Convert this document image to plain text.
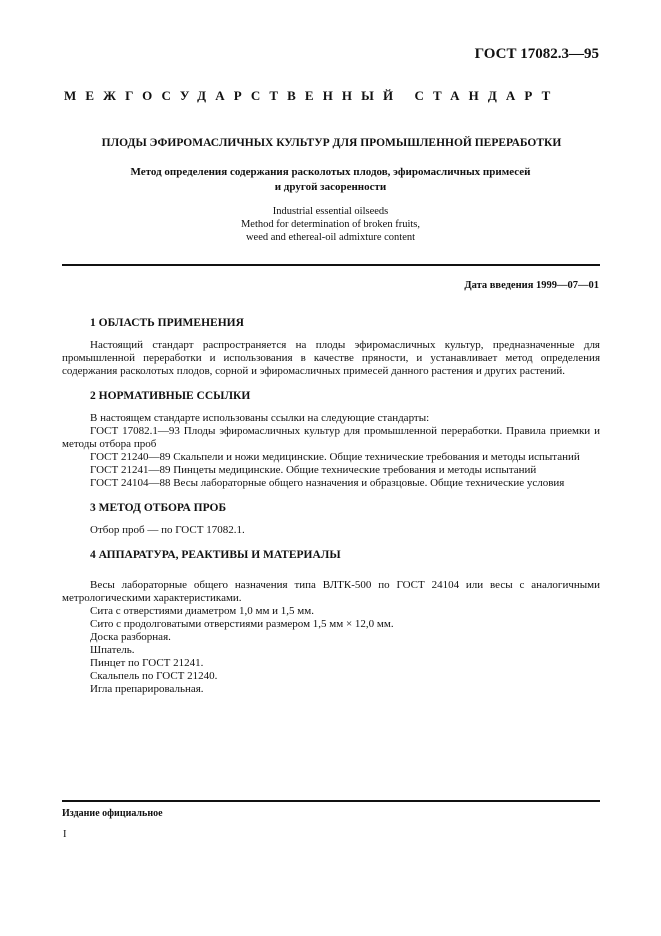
ГОСТ 17082.3—95
МЕЖГОСУДАРСТВЕННЫЙ СТАНДАРТ
ПЛОДЫ ЭФИРОМАСЛИЧНЫХ КУЛЬТУР ДЛЯ ПРОМЫШЛЕННОЙ ПЕРЕРАБОТКИ
Метод определения содержания расколотых плодов, эфиромасличных примесей
и другой засоренности
Industrial essential oilseeds
Method for determination of broken fruits,
weed and ethereal-oil admixture content
Дата введения 1999—07—01
1 ОБЛАСТЬ ПРИМЕНЕНИЯ

Настоящий стандарт распространяется на плоды эфиромасличных культур, предназначенные для промышленной переработки и использования в качестве пряности, и устанавливает метод определения содержания расколотых плодов, сорной и эфиромасличных примесей данного растения и других растений.

2 НОРМАТИВНЫЕ ССЫЛКИ

В настоящем стандарте использованы ссылки на следующие стандарты:

ГОСТ 17082.1—93 Плоды эфиромасличных культур для промышленной переработки. Правила приемки и методы отбора проб

ГОСТ 21240—89 Скальпели и ножи медицинские. Общие технические требования и методы испытаний

ГОСТ 21241—89 Пинцеты медицинские. Общие технические требования и методы испытаний

ГОСТ 24104—88 Весы лабораторные общего назначения и образцовые. Общие технические условия

3 МЕТОД ОТБОРА ПРОБ

Отбор проб — по ГОСТ 17082.1.

4 АППАРАТУРА, РЕАКТИВЫ И МАТЕРИАЛЫ

Весы лабораторные общего назначения типа ВЛТК-500 по ГОСТ 24104 или весы с аналогичными метрологическими характеристиками.

Сита с отверстиями диаметром 1,0 мм и 1,5 мм.

Сито с продолговатыми отверстиями размером 1,5 мм × 12,0 мм.

Доска разборная.

Шпатель.

Пинцет по ГОСТ 21241.

Скальпель по ГОСТ 21240.

Игла препарировальная.

Издание официальное
I
